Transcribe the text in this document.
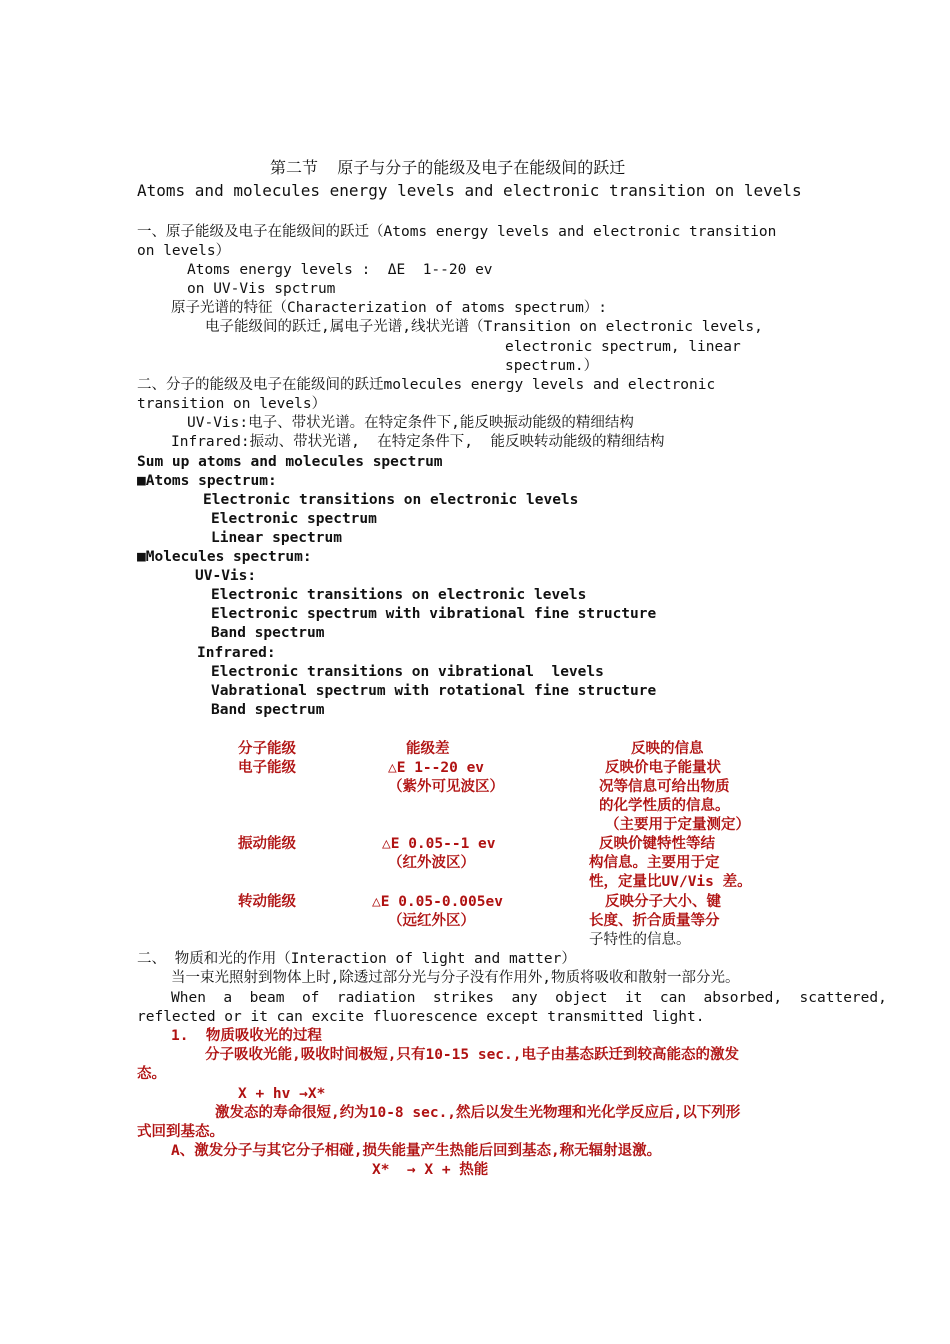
第二节  原子与分子的能级及电子在能级间的跃迁
Atoms and molecules energy levels and electronic transition on levels
一、原子能级及电子在能级间的跃迁（Atoms energy levels and electronic transition
on levels）
Atoms energy levels :  ΔE  1--20 ev
on UV-Vis spctrum
原子光谱的特征（Characterization of atoms spectrum）:
电子能级间的跃迁,属电子光谱,线状光谱（Transition on electronic levels,
electronic spectrum, linear
spectrum.）
二、分子的能级及电子在能级间的跃迁molecules energy levels and electronic
transition on levels）
UV-Vis:电子、带状光谱。在特定条件下,能反映振动能级的精细结构
Infrared:振动、带状光谱,  在特定条件下,  能反映转动能级的精细结构
Sum up atoms and molecules spectrum
■Atoms spectrum:
Electronic transitions on electronic levels
Electronic spectrum
Linear spectrum
■Molecules spectrum:
UV-Vis:
Electronic transitions on electronic levels
Electronic spectrum with vibrational fine structure
Band spectrum
Infrared:
Electronic transitions on vibrational  levels
Vabrational spectrum with rotational fine structure
Band spectrum
分子能级	能级差	反映的信息
电子能级	△E 1--20 ev
（紫外可见波区）
反映价电子能量状
况等信息可给出物质
的化学性质的信息。
（主要用于定量测定）
振动能级	△E 0.05--1 ev
（红外波区）
反映价键特性等结
构信息。主要用于定
性，定量比UV/Vis 差。
转动能级	△E 0.05-0.005ev
（远红外区）
反映分子大小、键
长度、折合质量等分
子特性的信息。
二、 物质和光的作用（Interaction of light and matter）
当一束光照射到物体上时,除透过部分光与分子没有作用外,物质将吸收和散射一部分光。
When  a  beam  of  radiation  strikes  any  object  it  can  absorbed,  scattered,
reflected or it can excite fluorescence except transmitted light.
1.  物质吸收光的过程
分子吸收光能,吸收时间极短,只有10-15 sec.,电子由基态跃迁到较高能态的激发
态。
X + hv →X*
激发态的寿命很短,约为10-8 sec.,然后以发生光物理和光化学反应后,以下列形
式回到基态。
A、激发分子与其它分子相碰,损失能量产生热能后回到基态,称无辐射退激。
X*  → X + 热能
